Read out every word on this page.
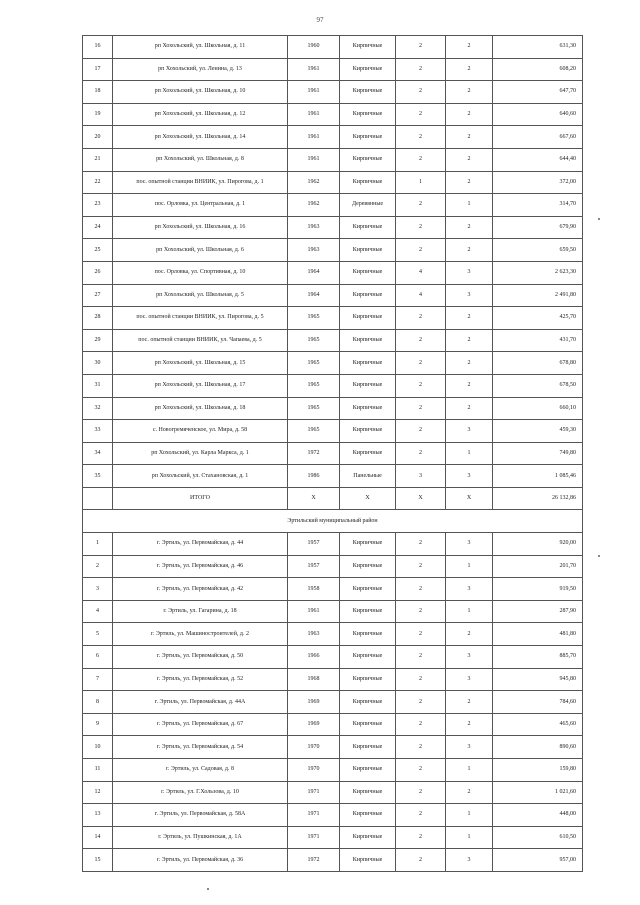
97
16	рп Хохольский, ул. Школьная, д. 11	1960	Кирпичные	2	2	631,30
17	рп Хохольский, ул. Ленина, д. 13	1961	Кирпичные	2	2	608,20
18	рп Хохольский, ул. Школьная, д. 10	1961	Кирпичные	2	2	647,70
19	рп Хохольский, ул. Школьная, д. 12	1961	Кирпичные	2	2	640,60
20	рп Хохольский, ул. Школьная, д. 14	1961	Кирпичные	2	2	667,60
21	рп Хохольский, ул. Школьная, д. 8	1961	Кирпичные	2	2	644,40
22	пос. опытной станции ВНИИК, ул. Пирогова, д. 1	1962	Кирпичные	1	2	372,00
23	пос. Орловка, ул. Центральная, д. 1	1962	Деревянные	2	1	314,70
24	рп Хохольский, ул. Школьная, д. 16	1963	Кирпичные	2	2	679,90
25	рп Хохольский, ул. Школьная, д. 6	1963	Кирпичные	2	2	659,50
26	пос. Орловка, ул. Спортивная, д. 10	1964	Кирпичные	4	3	2 623,30
27	рп Хохольский, ул. Школьная, д. 5	1964	Кирпичные	4	3	2 491,80
28	пос. опытной станции ВНИИК, ул. Пирогова, д. 5	1965	Кирпичные	2	2	425,70
29	пос. опытной станции ВНИИК, ул. Чапаева, д. 5	1965	Кирпичные	2	2	431,70
30	рп Хохольский, ул. Школьная, д. 15	1965	Кирпичные	2	2	678,80
31	рп Хохольский, ул. Школьная, д. 17	1965	Кирпичные	2	2	678,50
32	рп Хохольский, ул. Школьная, д. 18	1965	Кирпичные	2	2	660,10
33	с. Новогремяченское, ул. Мира, д. 58	1965	Кирпичные	2	3	459,30
34	рп Хохольский, ул. Карла Маркса, д. 1	1972	Кирпичные	2	1	749,80
35	рп Хохольский, ул. Стахановская, д. 1	1986	Панельные	3	3	1 085,46
	ИТОГО	X	X	X	X	26 132,86
Эртильский муниципальный район						
1	г. Эртиль, ул. Первомайская, д. 44	1957	Кирпичные	2	3	920,00
2	г. Эртиль, ул. Первомайская, д. 46	1957	Кирпичные	2	1	201,70
3	г. Эртиль, ул. Первомайская, д. 42	1958	Кирпичные	2	3	919,50
4	г. Эртиль, ул. Гагарина, д. 18	1961	Кирпичные	2	1	287,90
5	г. Эртиль, ул. Машиностроителей, д. 2	1963	Кирпичные	2	2	481,80
6	г. Эртиль, ул. Первомайская, д. 50	1966	Кирпичные	2	3	885,70
7	г. Эртиль, ул. Первомайская, д. 52	1968	Кирпичные	2	3	945,80
8	г. Эртиль, ул. Первомайская, д. 44А	1969	Кирпичные	2	2	784,60
9	г. Эртиль, ул. Первомайская, д. 67	1969	Кирпичные	2	2	465,60
10	г. Эртиль, ул. Первомайская, д. 54	1970	Кирпичные	2	3	890,60
11	г. Эртиль, ул. Садовая, д. 8	1970	Кирпичные	2	1	159,80
12	г. Эртиль, ул. Г.Хользова, д. 10	1971	Кирпичные	2	2	1 021,60
13	г. Эртиль, ул. Первомайская, д. 58А	1971	Кирпичные	2	1	448,00
14	г. Эртиль, ул. Пушкинская, д. 1А	1971	Кирпичные	2	1	610,50
15	г. Эртиль, ул. Первомайская, д. 36	1972	Кирпичные	2	3	957,00
